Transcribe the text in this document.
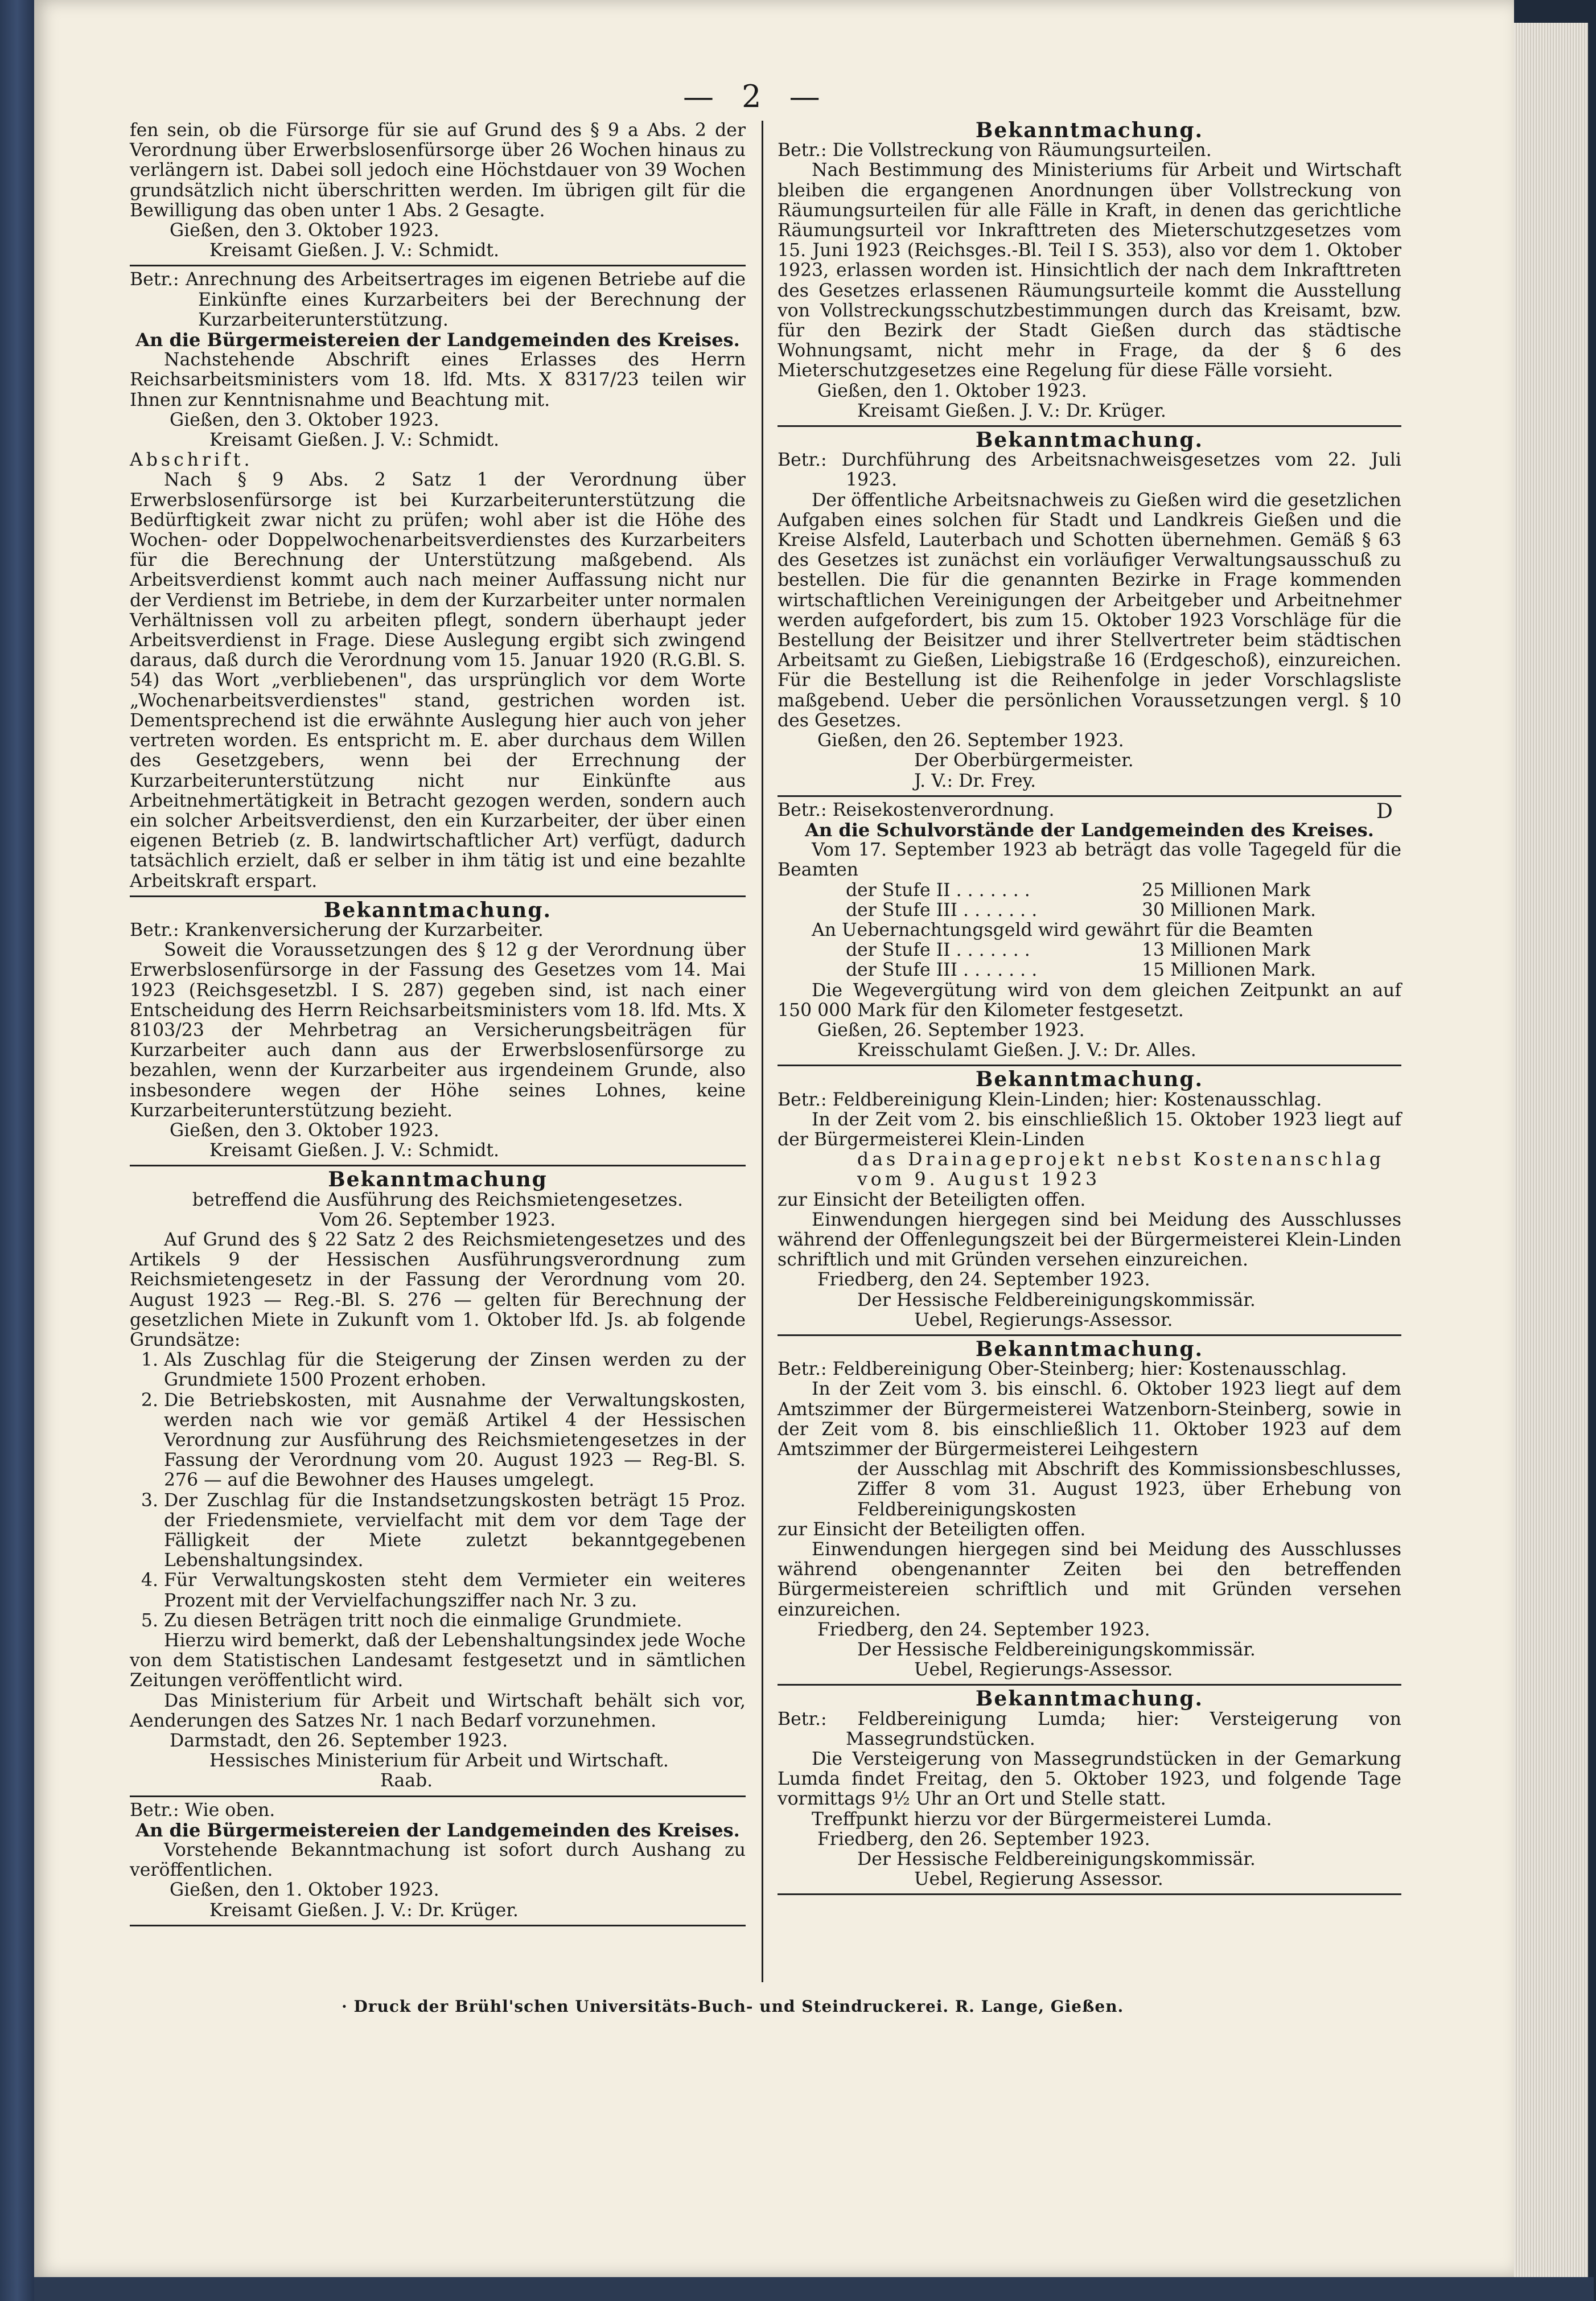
— 2 —
D

fen sein, ob die Fürsorge für sie auf Grund des § 9 a Abs. 2 der Verordnung über Erwerbslosenfürsorge über 26 Wochen hinaus zu verlängern ist. Dabei soll jedoch eine Höchstdauer von 39 Wochen grundsätzlich nicht überschritten werden. Im übrigen gilt für die Bewilligung das oben unter 1 Abs. 2 Gesagte.

Gießen, den 3. Oktober 1923.

Kreisamt Gießen. J. V.: Schmidt.

Betr.: Anrechnung des Arbeitsertrages im eigenen Betriebe auf die Einkünfte eines Kurzarbeiters bei der Berechnung der Kurzarbeiterunterstützung.

An die Bürgermeistereien der Landgemeinden des Kreises.

Nachstehende Abschrift eines Erlasses des Herrn Reichsarbeitsministers vom 18. lfd. Mts. X 8317/23 teilen wir Ihnen zur Kenntnisnahme und Beachtung mit.

Gießen, den 3. Oktober 1923.

Kreisamt Gießen. J. V.: Schmidt.

Abschrift.

Nach § 9 Abs. 2 Satz 1 der Verordnung über Erwerbslosenfürsorge ist bei Kurzarbeiterunterstützung die Bedürftigkeit zwar nicht zu prüfen; wohl aber ist die Höhe des Wochen- oder Doppelwochenarbeitsverdienstes des Kurzarbeiters für die Berechnung der Unterstützung maßgebend. Als Arbeitsverdienst kommt auch nach meiner Auffassung nicht nur der Verdienst im Betriebe, in dem der Kurzarbeiter unter normalen Verhältnissen voll zu arbeiten pflegt, sondern überhaupt jeder Arbeitsverdienst in Frage. Diese Auslegung ergibt sich zwingend daraus, daß durch die Verordnung vom 15. Januar 1920 (R.G.Bl. S. 54) das Wort „verbliebenen", das ursprünglich vor dem Worte „Wochenarbeitsverdienstes" stand, gestrichen worden ist. Dementsprechend ist die erwähnte Auslegung hier auch von jeher vertreten worden. Es entspricht m. E. aber durchaus dem Willen des Gesetzgebers, wenn bei der Errechnung der Kurzarbeiterunterstützung nicht nur Einkünfte aus Arbeitnehmertätigkeit in Betracht gezogen werden, sondern auch ein solcher Arbeitsverdienst, den ein Kurzarbeiter, der über einen eigenen Betrieb (z. B. landwirtschaftlicher Art) verfügt, dadurch tatsächlich erzielt, daß er selber in ihm tätig ist und eine bezahlte Arbeitskraft erspart.

Bekanntmachung.

Betr.: Krankenversicherung der Kurzarbeiter.

Soweit die Voraussetzungen des § 12 g der Verordnung über Erwerbslosenfürsorge in der Fassung des Gesetzes vom 14. Mai 1923 (Reichsgesetzbl. I S. 287) gegeben sind, ist nach einer Entscheidung des Herrn Reichsarbeitsministers vom 18. lfd. Mts. X 8103/23 der Mehrbetrag an Versicherungsbeiträgen für Kurzarbeiter auch dann aus der Erwerbslosenfürsorge zu bezahlen, wenn der Kurzarbeiter aus irgendeinem Grunde, also insbesondere wegen der Höhe seines Lohnes, keine Kurzarbeiterunterstützung bezieht.

Gießen, den 3. Oktober 1923.

Kreisamt Gießen. J. V.: Schmidt.

Bekanntmachung

betreffend die Ausführung des Reichsmietengesetzes.

Vom 26. September 1923.

Auf Grund des § 22 Satz 2 des Reichsmietengesetzes und des Artikels 9 der Hessischen Ausführungsverordnung zum Reichsmietengesetz in der Fassung der Verordnung vom 20. August 1923 — Reg.-Bl. S. 276 — gelten für Berechnung der gesetzlichen Miete in Zukunft vom 1. Oktober lfd. Js. ab folgende Grundsätze:

1. Als Zuschlag für die Steigerung der Zinsen werden zu der Grundmiete 1500 Prozent erhoben.
2. Die Betriebskosten, mit Ausnahme der Verwaltungskosten, werden nach wie vor gemäß Artikel 4 der Hessischen Verordnung zur Ausführung des Reichsmietengesetzes in der Fassung der Verordnung vom 20. August 1923 — Reg-Bl. S. 276 — auf die Bewohner des Hauses umgelegt.
3. Der Zuschlag für die Instandsetzungskosten beträgt 15 Proz. der Friedensmiete, vervielfacht mit dem vor dem Tage der Fälligkeit der Miete zuletzt bekanntgegebenen Lebenshaltungsindex.
4. Für Verwaltungskosten steht dem Vermieter ein weiteres Prozent mit der Vervielfachungsziffer nach Nr. 3 zu.
5. Zu diesen Beträgen tritt noch die einmalige Grundmiete.

Hierzu wird bemerkt, daß der Lebenshaltungsindex jede Woche von dem Statistischen Landesamt festgesetzt und in sämtlichen Zeitungen veröffentlicht wird.

Das Ministerium für Arbeit und Wirtschaft behält sich vor, Aenderungen des Satzes Nr. 1 nach Bedarf vorzunehmen.

Darmstadt, den 26. September 1923.

Hessisches Ministerium für Arbeit und Wirtschaft.

Raab.

Betr.: Wie oben.

An die Bürgermeistereien der Landgemeinden des Kreises.

Vorstehende Bekanntmachung ist sofort durch Aushang zu veröffentlichen.

Gießen, den 1. Oktober 1923.

Kreisamt Gießen. J. V.: Dr. Krüger.

Bekanntmachung.

Betr.: Die Vollstreckung von Räumungsurteilen.

Nach Bestimmung des Ministeriums für Arbeit und Wirtschaft bleiben die ergangenen Anordnungen über Vollstreckung von Räumungsurteilen für alle Fälle in Kraft, in denen das gerichtliche Räumungsurteil vor Inkrafttreten des Mieterschutzgesetzes vom 15. Juni 1923 (Reichsges.-Bl. Teil I S. 353), also vor dem 1. Oktober 1923, erlassen worden ist. Hinsichtlich der nach dem Inkrafttreten des Gesetzes erlassenen Räumungsurteile kommt die Ausstellung von Vollstreckungsschutzbestimmungen durch das Kreisamt, bzw. für den Bezirk der Stadt Gießen durch das städtische Wohnungsamt, nicht mehr in Frage, da der § 6 des Mieterschutzgesetzes eine Regelung für diese Fälle vorsieht.

Gießen, den 1. Oktober 1923.

Kreisamt Gießen. J. V.: Dr. Krüger.

Bekanntmachung.

Betr.: Durchführung des Arbeitsnachweisgesetzes vom 22. Juli 1923.

Der öffentliche Arbeitsnachweis zu Gießen wird die gesetzlichen Aufgaben eines solchen für Stadt und Landkreis Gießen und die Kreise Alsfeld, Lauterbach und Schotten übernehmen. Gemäß § 63 des Gesetzes ist zunächst ein vorläufiger Verwaltungsausschuß zu bestellen. Die für die genannten Bezirke in Frage kommenden wirtschaftlichen Vereinigungen der Arbeitgeber und Arbeitnehmer werden aufgefordert, bis zum 15. Oktober 1923 Vorschläge für die Bestellung der Beisitzer und ihrer Stellvertreter beim städtischen Arbeitsamt zu Gießen, Liebigstraße 16 (Erdgeschoß), einzureichen. Für die Bestellung ist die Reihenfolge in jeder Vorschlagsliste maßgebend. Ueber die persönlichen Voraussetzungen vergl. § 10 des Gesetzes.

Gießen, den 26. September 1923.

Der Oberbürgermeister.

J. V.: Dr. Frey.

Betr.: Reisekostenverordnung.

An die Schulvorstände der Landgemeinden des Kreises.

Vom 17. September 1923 ab beträgt das volle Tagegeld für die Beamten

der Stufe II . . . . . . .	25 Millionen Mark
der Stufe III . . . . . . .	30 Millionen Mark.

An Uebernachtungsgeld wird gewährt für die Beamten

der Stufe II . . . . . . .	13 Millionen Mark
der Stufe III . . . . . . .	15 Millionen Mark.

Die Wegevergütung wird von dem gleichen Zeitpunkt an auf 150 000 Mark für den Kilometer festgesetzt.

Gießen, 26. September 1923.

Kreisschulamt Gießen. J. V.: Dr. Alles.

Bekanntmachung.

Betr.: Feldbereinigung Klein-Linden; hier: Kostenausschlag.

In der Zeit vom 2. bis einschließlich 15. Oktober 1923 liegt auf der Bürgermeisterei Klein-Linden

das Drainageprojekt nebst Kostenanschlag

vom 9. August 1923

zur Einsicht der Beteiligten offen.

Einwendungen hiergegen sind bei Meidung des Ausschlusses während der Offenlegungszeit bei der Bürgermeisterei Klein-Linden schriftlich und mit Gründen versehen einzureichen.

Friedberg, den 24. September 1923.

Der Hessische Feldbereinigungskommissär.

Uebel, Regierungs-Assessor.

Bekanntmachung.

Betr.: Feldbereinigung Ober-Steinberg; hier: Kostenausschlag.

In der Zeit vom 3. bis einschl. 6. Oktober 1923 liegt auf dem Amtszimmer der Bürgermeisterei Watzenborn-Steinberg, sowie in der Zeit vom 8. bis einschließlich 11. Oktober 1923 auf dem Amtszimmer der Bürgermeisterei Leihgestern

der Ausschlag mit Abschrift des Kommissionsbeschlusses, Ziffer 8 vom 31. August 1923, über Erhebung von Feldbereinigungskosten

zur Einsicht der Beteiligten offen.

Einwendungen hiergegen sind bei Meidung des Ausschlusses während obengenannter Zeiten bei den betreffenden Bürgermeistereien schriftlich und mit Gründen versehen einzureichen.

Friedberg, den 24. September 1923.

Der Hessische Feldbereinigungskommissär.

Uebel, Regierungs-Assessor.

Bekanntmachung.

Betr.: Feldbereinigung Lumda; hier: Versteigerung von Massegrundstücken.

Die Versteigerung von Massegrundstücken in der Gemarkung Lumda findet Freitag, den 5. Oktober 1923, und folgende Tage vormittags 9½ Uhr an Ort und Stelle statt.

Treffpunkt hierzu vor der Bürgermeisterei Lumda.

Friedberg, den 26. September 1923.

Der Hessische Feldbereinigungskommissär.

Uebel, Regierung Assessor.

· Druck der Brühl'schen Universitäts-Buch- und Steindruckerei. R. Lange, Gießen.
